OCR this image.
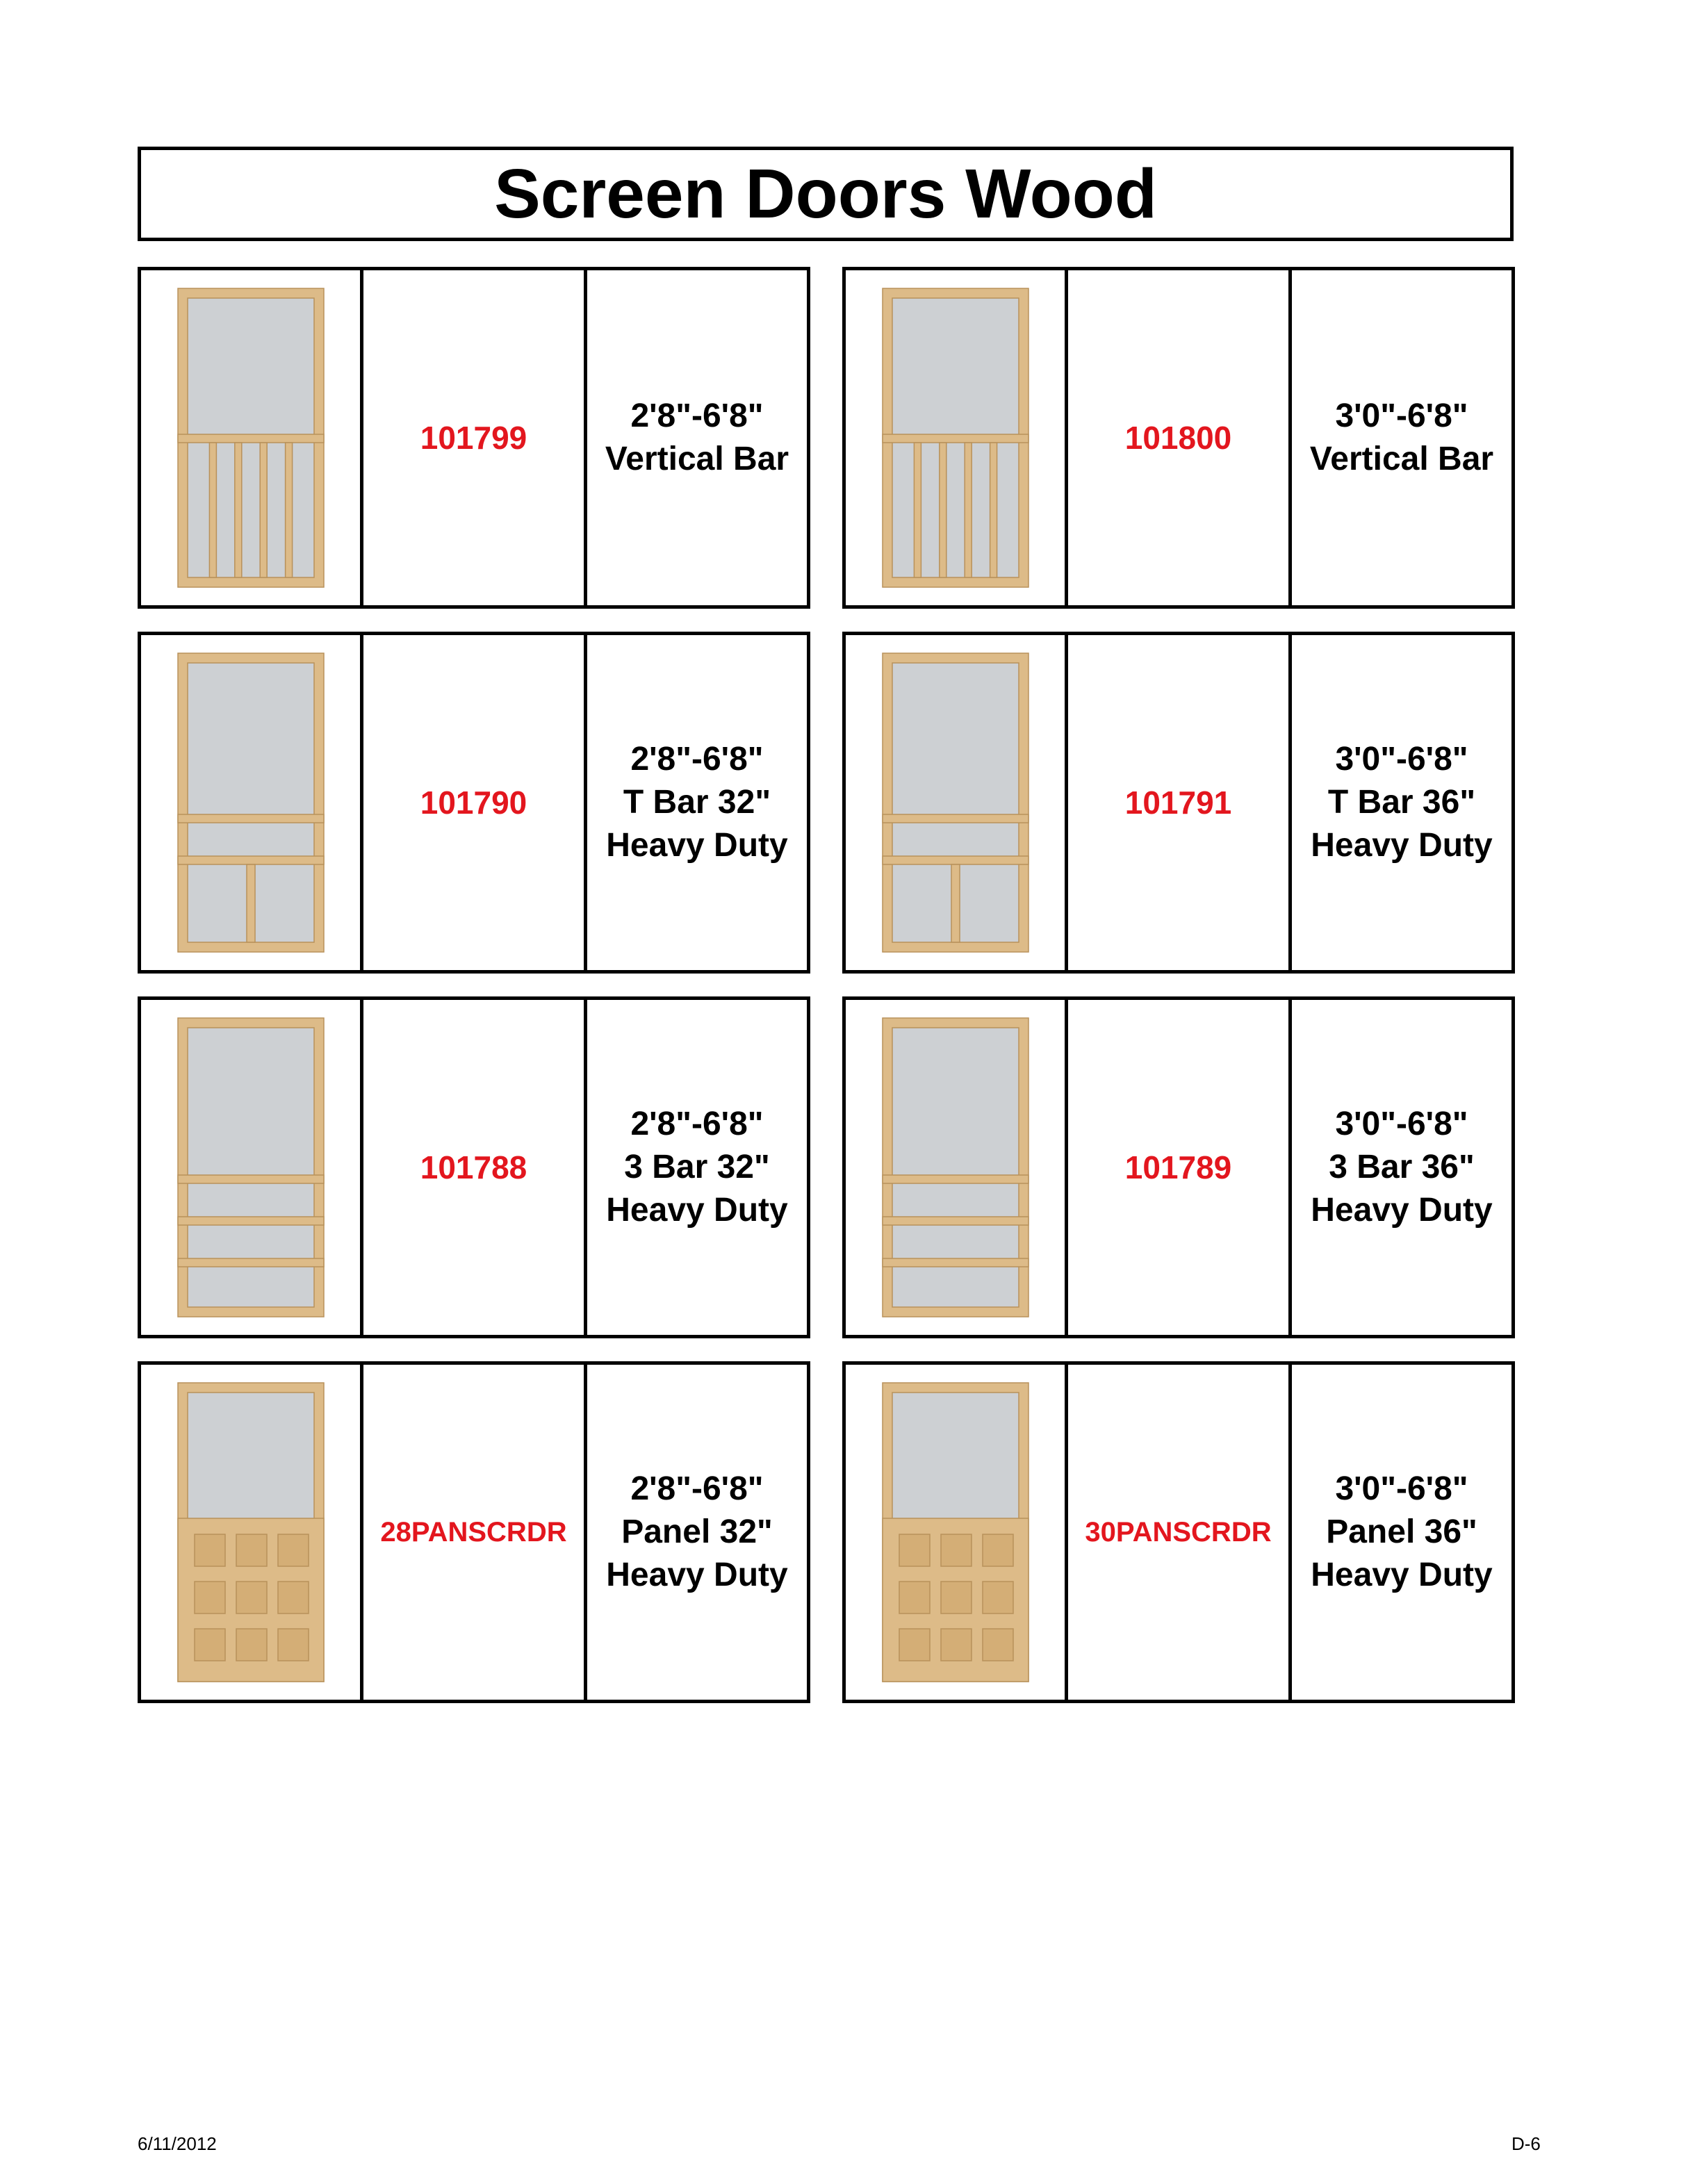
Screen Doors Wood
101799
2'8"-6'8"
Vertical Bar
101800
3'0"-6'8"
Vertical Bar
101790
2'8"-6'8"
T Bar 32"
Heavy Duty
101791
3'0"-6'8"
T Bar 36"
Heavy Duty
101788
2'8"-6'8"
3 Bar 32"
Heavy Duty
101789
3'0"-6'8"
3 Bar 36"
Heavy Duty
28PANSCRDR
2'8"-6'8"
Panel 32"
Heavy Duty
30PANSCRDR
3'0"-6'8"
Panel 36"
Heavy Duty
6/11/2012	D-6
